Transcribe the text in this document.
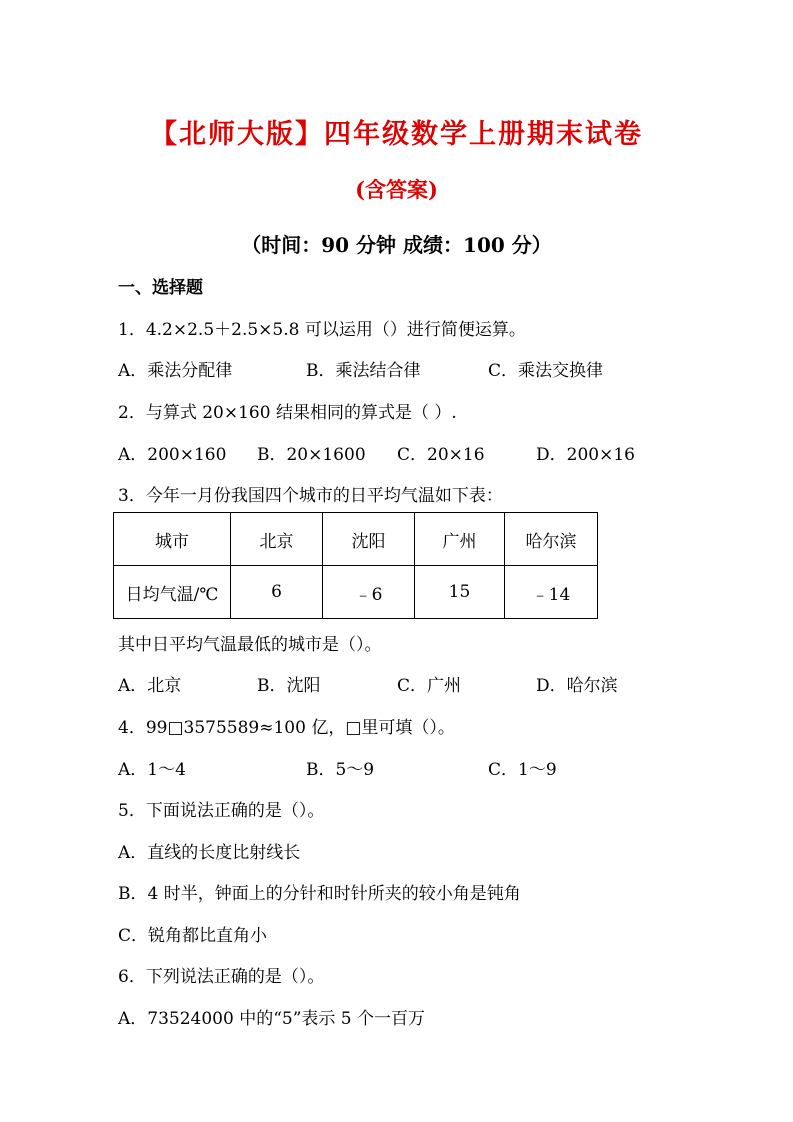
【北师大版】四年级数学上册期末试卷
(含答案)
（时间：90 分钟 成绩：100 分）
一、选择题
1．4.2×2.5＋2.5×5.8 可以运用（）进行简便运算。
A．乘法分配律	B．乘法结合律	C．乘法交换律
2．与算式 20×160 结果相同的算式是（ ）.
A．200×160 B．20×1600 C．20×16	D．200×16
3．今年一月份我国四个城市的日平均气温如下表：
城市	北京	沈阳	广州	哈尔滨
日均气温/℃	6	﹣6	15	﹣14
其中日平均气温最低的城市是（）。
A．北京	B．沈阳	C．广州	D．哈尔滨
4．99□3575589≈100 亿，□里可填（）。
A．1～4	B．5～9	C．1～9
5．下面说法正确的是（）。
A．直线的长度比射线长
B．4 时半，钟面上的分针和时针所夹的较小角是钝角
C．锐角都比直角小
6．下列说法正确的是（）。
A．73524000 中的“5”表示 5 个一百万
